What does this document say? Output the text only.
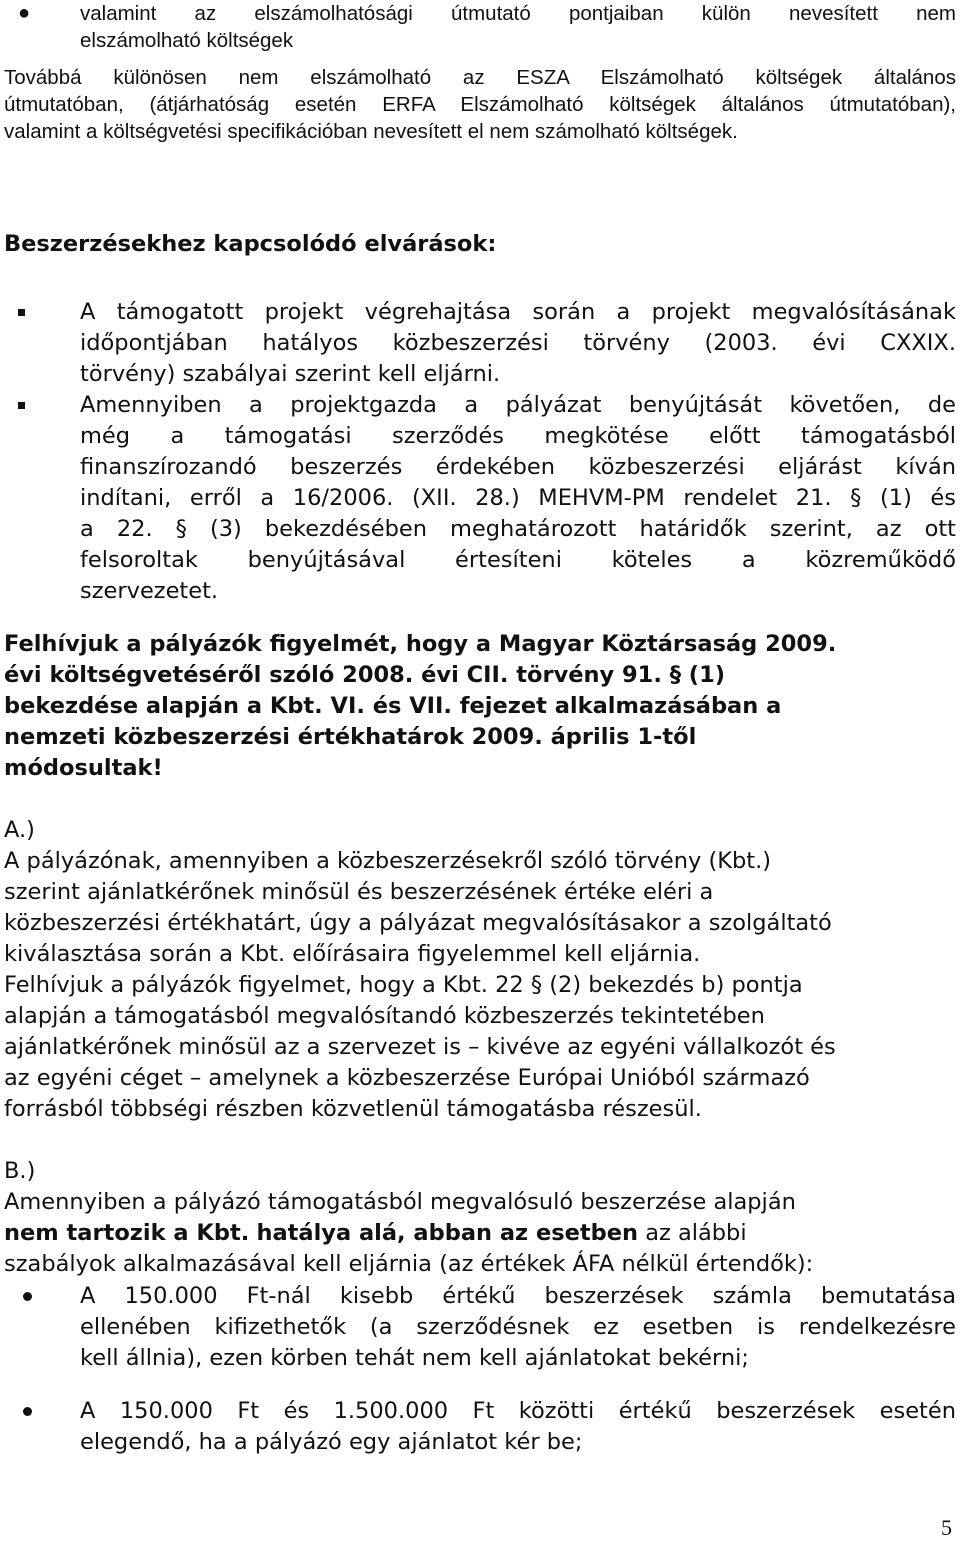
● valamint az elszámolhatósági útmutató pontjaiban külön nevesített nem
elszámolható költségek
Továbbá különösen nem elszámolható az ESZA Elszámolható költségek általános
útmutatóban, (átjárhatóság esetén ERFA Elszámolható költségek általános útmutatóban),
valamint a költségvetési specifikációban nevesített el nem számolható költségek.
Beszerzésekhez kapcsolódó elvárások:
A támogatott projekt végrehajtása során a projekt megvalósításának
időpontjában hatályos közbeszerzési törvény (2003. évi CXXIX.
törvény) szabályai szerint kell eljárni.
Amennyiben a projektgazda a pályázat benyújtását követően, de
még a támogatási szerződés megkötése előtt támogatásból
finanszírozandó beszerzés érdekében közbeszerzési eljárást kíván
indítani, erről a 16/2006. (XII. 28.) MEHVM-PM rendelet 21. § (1) és
a 22. § (3) bekezdésében meghatározott határidők szerint, az ott
felsoroltak benyújtásával értesíteni köteles a közreműködő
szervezetet.
Felhívjuk a pályázók figyelmét, hogy a Magyar Köztársaság 2009.
évi költségvetéséről szóló 2008. évi CII. törvény 91. § (1)
bekezdése alapján a Kbt. VI. és VII. fejezet alkalmazásában a
nemzeti közbeszerzési értékhatárok 2009. április 1-től
módosultak!
A.)
A pályázónak, amennyiben a közbeszerzésekről szóló törvény (Kbt.)
szerint ajánlatkérőnek minősül és beszerzésének értéke eléri a
közbeszerzési értékhatárt, úgy a pályázat megvalósításakor a szolgáltató
kiválasztása során a Kbt. előírásaira figyelemmel kell eljárnia.
Felhívjuk a pályázók figyelmet, hogy a Kbt. 22 § (2) bekezdés b) pontja
alapján a támogatásból megvalósítandó közbeszerzés tekintetében
ajánlatkérőnek minősül az a szervezet is – kivéve az egyéni vállalkozót és
az egyéni céget – amelynek a közbeszerzése Európai Unióból származó
forrásból többségi részben közvetlenül támogatásba részesül.
B.)
Amennyiben a pályázó támogatásból megvalósuló beszerzése alapján
nem tartozik a Kbt. hatálya alá, abban az esetben az alábbi
szabályok alkalmazásával kell eljárnia (az értékek ÁFA nélkül értendők):
A 150.000 Ft-nál kisebb értékű beszerzések számla bemutatása
ellenében kifizethetők (a szerződésnek ez esetben is rendelkezésre
kell állnia), ezen körben tehát nem kell ajánlatokat bekérni;
A 150.000 Ft és 1.500.000 Ft közötti értékű beszerzések esetén
elegendő, ha a pályázó egy ajánlatot kér be;
5
